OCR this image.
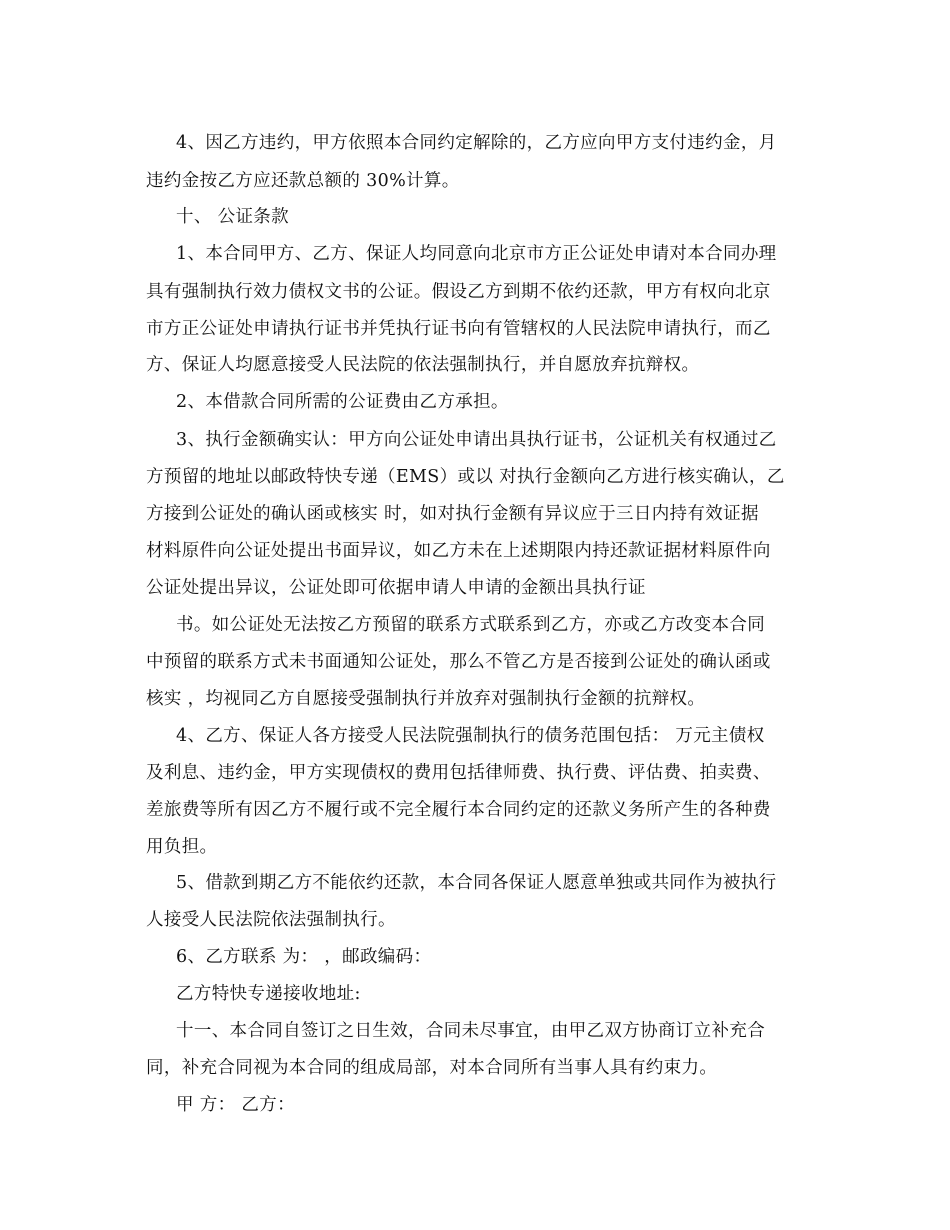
4、因乙方违约，甲方依照本合同约定解除的，乙方应向甲方支付违约金，月
违约金按乙方应还款总额的 30%计算。
十、 公证条款
1、本合同甲方、乙方、保证人均同意向北京市方正公证处申请对本合同办理
具有强制执行效力债权文书的公证。假设乙方到期不依约还款，甲方有权向北京
市方正公证处申请执行证书并凭执行证书向有管辖权的人民法院申请执行，而乙
方、保证人均愿意接受人民法院的依法强制执行，并自愿放弃抗辩权。
2、本借款合同所需的公证费由乙方承担。
3、执行金额确实认：甲方向公证处申请出具执行证书，公证机关有权通过乙
方预留的地址以邮政特快专递（EMS）或以 对执行金额向乙方进行核实确认，乙
方接到公证处的确认函或核实 时，如对执行金额有异议应于三日内持有效证据
材料原件向公证处提出书面异议，如乙方未在上述期限内持还款证据材料原件向
公证处提出异议，公证处即可依据申请人申请的金额出具执行证
书。如公证处无法按乙方预留的联系方式联系到乙方，亦或乙方改变本合同
中预留的联系方式未书面通知公证处，那么不管乙方是否接到公证处的确认函或
核实 ，均视同乙方自愿接受强制执行并放弃对强制执行金额的抗辩权。
4、乙方、保证人各方接受人民法院强制执行的债务范围包括： 万元主债权
及利息、违约金，甲方实现债权的费用包括律师费、执行费、评估费、拍卖费、
差旅费等所有因乙方不履行或不完全履行本合同约定的还款义务所产生的各种费
用负担。
5、借款到期乙方不能依约还款，本合同各保证人愿意单独或共同作为被执行
人接受人民法院依法强制执行。
6、乙方联系 为： ，邮政编码：
乙方特快专递接收地址:
十一、本合同自签订之日生效，合同未尽事宜，由甲乙双方协商订立补充合
同，补充合同视为本合同的组成局部，对本合同所有当事人具有约束力。
甲 方： 乙方：
